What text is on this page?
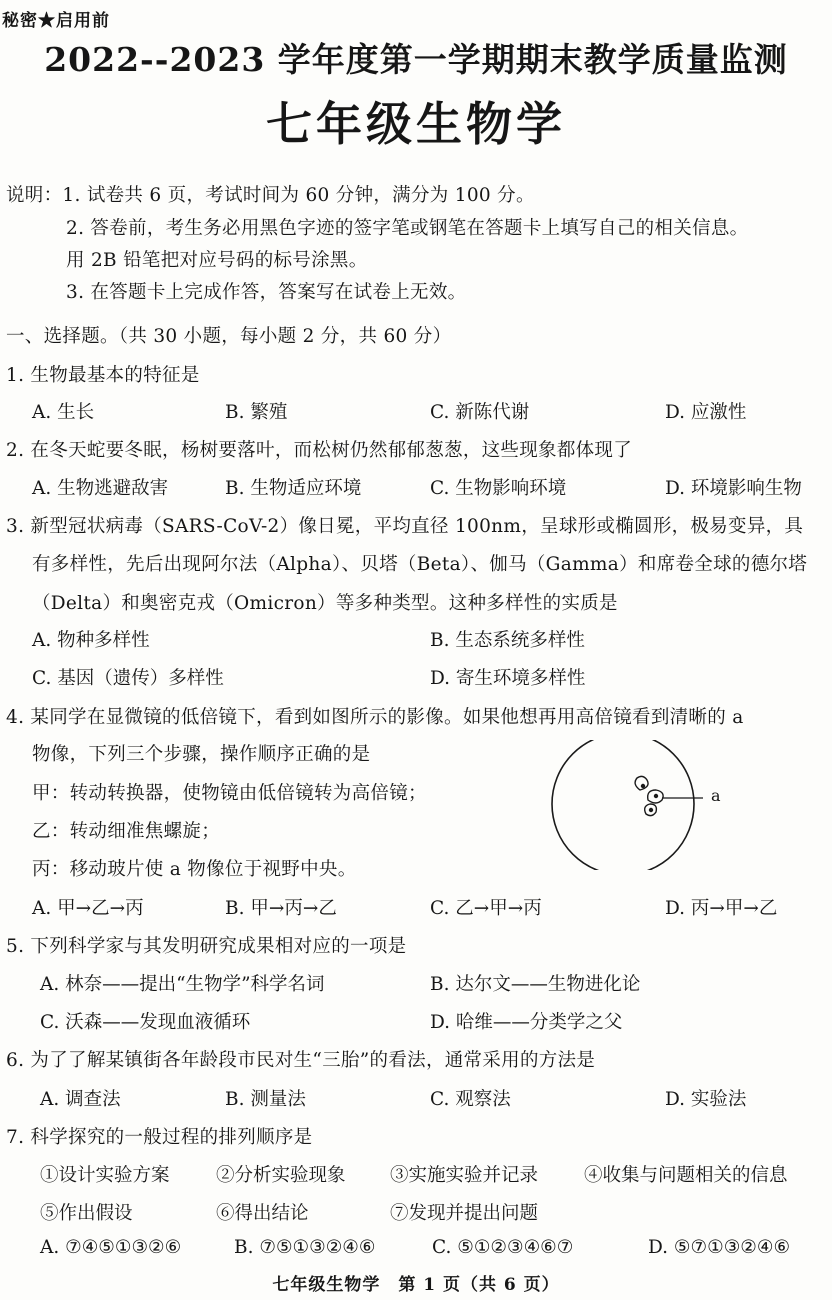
秘密★启用前
2022--2023 学年度第一学期期末教学质量监测
七年级生物学
说明：1. 试卷共 6 页，考试时间为 60 分钟，满分为 100 分。
2. 答卷前，考生务必用黑色字迹的签字笔或钢笔在答题卡上填写自己的相关信息。
用 2B 铅笔把对应号码的标号涂黑。
3. 在答题卡上完成作答，答案写在试卷上无效。
一、选择题。（共 30 小题，每小题 2 分，共 60 分）
1. 生物最基本的特征是
A. 生长	B. 繁殖	C. 新陈代谢	D. 应激性
2. 在冬天蛇要冬眠，杨树要落叶，而松树仍然郁郁葱葱，这些现象都体现了
A. 生物逃避敌害	B. 生物适应环境	C. 生物影响环境	D. 环境影响生物
3. 新型冠状病毒（SARS-CoV-2）像日冕，平均直径 100nm，呈球形或椭圆形，极易变异，具
有多样性，先后出现阿尔法（Alpha）、贝塔（Beta）、伽马（Gamma）和席卷全球的德尔塔
（Delta）和奥密克戎（Omicron）等多种类型。这种多样性的实质是
A. 物种多样性	B. 生态系统多样性
C. 基因（遗传）多样性	D. 寄生环境多样性
4. 某同学在显微镜的低倍镜下，看到如图所示的影像。如果他想再用高倍镜看到清晰的 a
物像，下列三个步骤，操作顺序正确的是
甲：转动转换器，使物镜由低倍镜转为高倍镜；
乙：转动细准焦螺旋；
丙：移动玻片使 a 物像位于视野中央。
a
A. 甲→乙→丙	B. 甲→丙→乙	C. 乙→甲→丙	D. 丙→甲→乙
5. 下列科学家与其发明研究成果相对应的一项是
A. 林奈——提出“生物学”科学名词	B. 达尔文——生物进化论
C. 沃森——发现血液循环	D. 哈维——分类学之父
6. 为了了解某镇街各年龄段市民对生“三胎”的看法，通常采用的方法是
A. 调查法	B. 测量法	C. 观察法	D. 实验法
7. 科学探究的一般过程的排列顺序是
①设计实验方案	②分析实验现象 ③实施实验并记录 ④收集与问题相关的信息
⑤作出假设	⑥得出结论	⑦发现并提出问题
A. ⑦④⑤①③②⑥	B. ⑦⑤①③②④⑥	C. ⑤①②③④⑥⑦	D. ⑤⑦①③②④⑥
七年级生物学　第 1 页（共 6 页）
